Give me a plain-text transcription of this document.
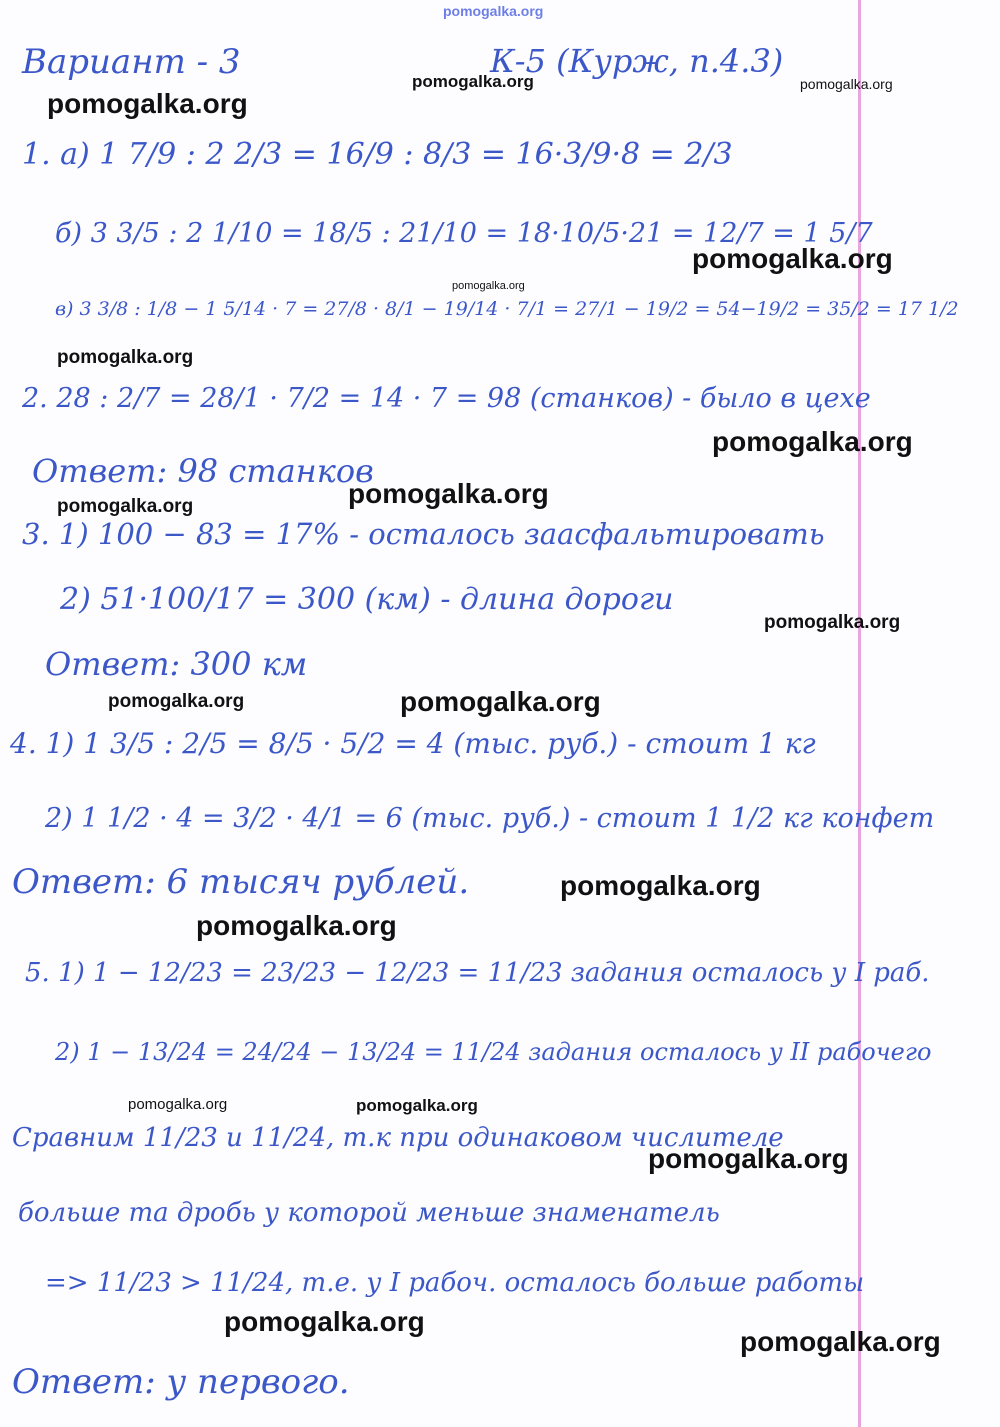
Вариант - 3	К-5 (Курж, п.4.3)
1. а) 1 7/9 : 2 2/3 = 16/9 : 8/3 = 16·3/9·8 = 2/3
б) 3 3/5 : 2 1/10 = 18/5 : 21/10 = 18·10/5·21 = 12/7 = 1 5/7
в) 3 3/8 : 1/8 − 1 5/14 · 7 = 27/8 · 8/1 − 19/14 · 7/1 = 27/1 − 19/2 = 54−19/2 = 35/2 = 17 1/2
2. 28 : 2/7 = 28/1 · 7/2 = 14 · 7 = 98 (станков) - было в цехе
Ответ: 98 станков
3. 1) 100 − 83 = 17% - осталось заасфальтировать
2) 51·100/17 = 300 (км) - длина дороги
Ответ: 300 км
4. 1) 1 3/5 : 2/5 = 8/5 · 5/2 = 4 (тыс. руб.) - стоит 1 кг
2) 1 1/2 · 4 = 3/2 · 4/1 = 6 (тыс. руб.) - стоит 1 1/2 кг конфет
Ответ: 6 тысяч рублей.
5. 1) 1 − 12/23 = 23/23 − 12/23 = 11/23 задания осталось у I раб.
2) 1 − 13/24 = 24/24 − 13/24 = 11/24 задания осталось у II рабочего
Сравним 11/23 и 11/24, т.к при одинаковом числителе
больше та дробь у которой меньше знаменатель
=> 11/23 > 11/24, т.е. у I рабоч. осталось больше работы
Ответ: у первого.
pomogalka.org
pomogalka.org	pomogalka.org
pomogalka.org
pomogalka.org
pomogalka.org
pomogalka.org
pomogalka.org
pomogalka.org
pomogalka.org
pomogalka.org
pomogalka.org	pomogalka.org
pomogalka.org
pomogalka.org
pomogalka.org	pomogalka.org
pomogalka.org
pomogalka.org
pomogalka.org
